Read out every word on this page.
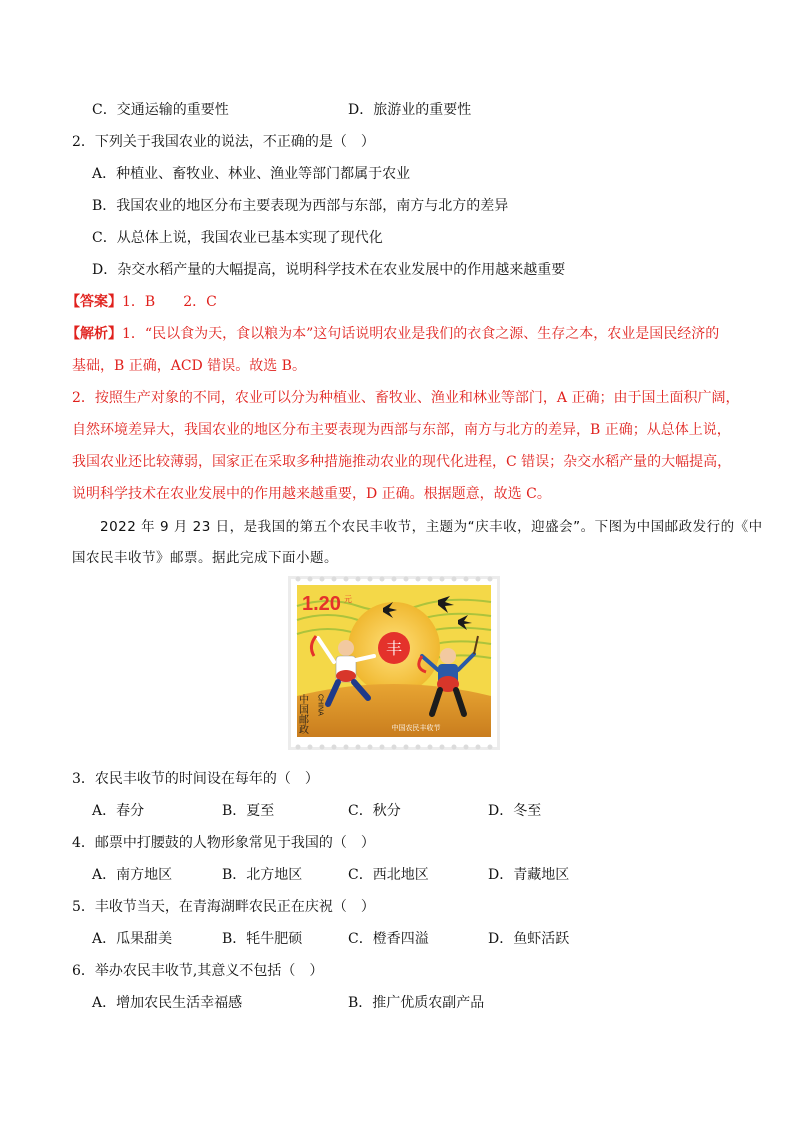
C．交通运输的重要性	D．旅游业的重要性
2．下列关于我国农业的说法，不正确的是（　）
A．种植业、畜牧业、林业、渔业等部门都属于农业
B．我国农业的地区分布主要表现为西部与东部，南方与北方的差异
C．从总体上说，我国农业已基本实现了现代化
D．杂交水稻产量的大幅提高，说明科学技术在农业发展中的作用越来越重要
【答案】1．B　　2．C
【解析】1．“民以食为天，食以粮为本”这句话说明农业是我们的衣食之源、生存之本，农业是国民经济的
基础，B 正确，ACD 错误。故选 B。
2．按照生产对象的不同，农业可以分为种植业、畜牧业、渔业和林业等部门，A 正确；由于国土面积广阔，
自然环境差异大，我国农业的地区分布主要表现为西部与东部，南方与北方的差异，B 正确；从总体上说，
我国农业还比较薄弱，国家正在采取多种措施推动农业的现代化进程，C 错误；杂交水稻产量的大幅提高，
说明科学技术在农业发展中的作用越来越重要，D 正确。根据题意，故选 C。
2022 年 9 月 23 日，是我国的第五个农民丰收节，主题为“庆丰收，迎盛会”。下图为中国邮政发行的《中
国农民丰收节》邮票。据此完成下面小题。
丰
1.20 元
中国邮政 CHINA
中国农民丰收节
3．农民丰收节的时间设在每年的（　）
A．春分	B．夏至	C．秋分	D．冬至
4．邮票中打腰鼓的人物形象常见于我国的（　）
A．南方地区	B．北方地区	C．西北地区	D．青藏地区
5．丰收节当天，在青海湖畔农民正在庆祝（　）
A．瓜果甜美	B．牦牛肥硕	C．橙香四溢	D．鱼虾活跃
6．举办农民丰收节,其意义不包括（　）
A．增加农民生活幸福感	B．推广优质农副产品
